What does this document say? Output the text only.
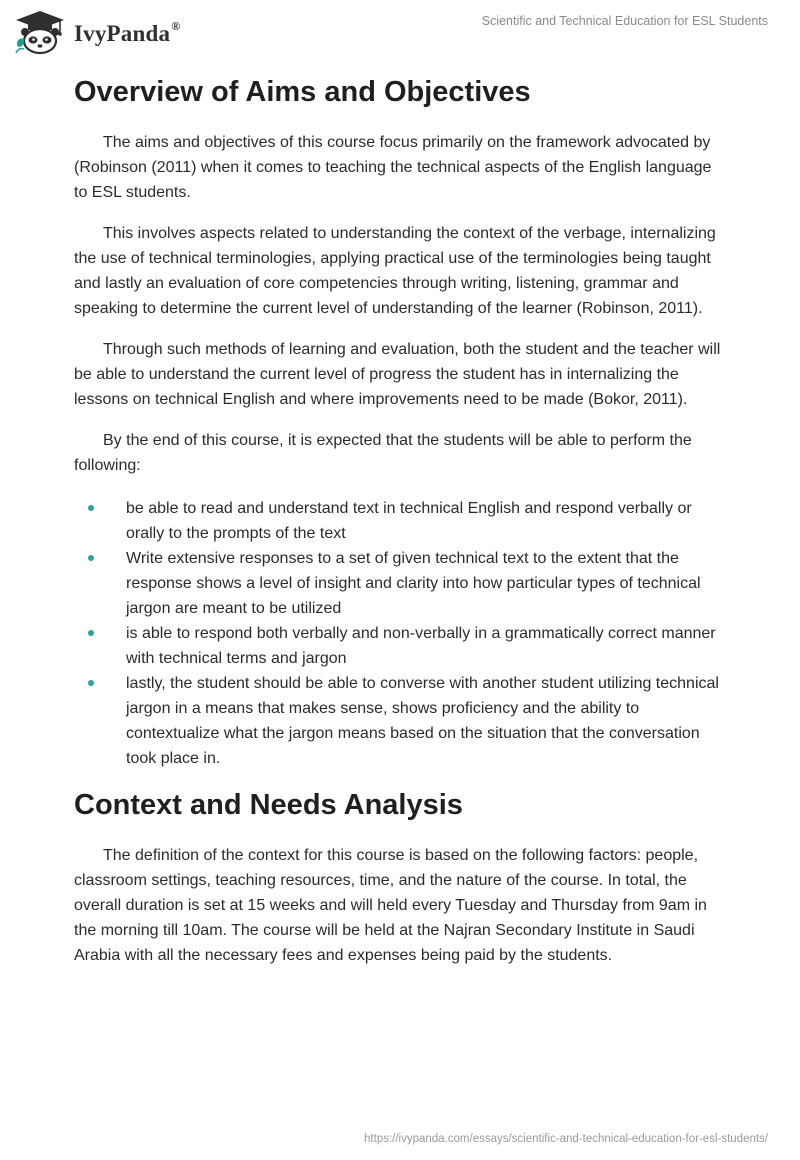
IvyPanda®	Scientific and Technical Education for ESL Students
Overview of Aims and Objectives

The aims and objectives of this course focus primarily on the framework advocated by (Robinson (2011) when it comes to teaching the technical aspects of the English language to ESL students.

This involves aspects related to understanding the context of the verbage, internalizing the use of technical terminologies, applying practical use of the terminologies being taught and lastly an evaluation of core competencies through writing, listening, grammar and speaking to determine the current level of understanding of the learner (Robinson, 2011).

Through such methods of learning and evaluation, both the student and the teacher will be able to understand the current level of progress the student has in internalizing the lessons on technical English and where improvements need to be made (Bokor, 2011).

By the end of this course, it is expected that the students will be able to perform the following:

be able to read and understand text in technical English and respond verbally or orally to the prompts of the text
Write extensive responses to a set of given technical text to the extent that the response shows a level of insight and clarity into how particular types of technical jargon are meant to be utilized
is able to respond both verbally and non-verbally in a grammatically correct manner with technical terms and jargon
lastly, the student should be able to converse with another student utilizing technical jargon in a means that makes sense, shows proficiency and the ability to contextualize what the jargon means based on the situation that the conversation took place in.
Context and Needs Analysis

The definition of the context for this course is based on the following factors: people, classroom settings, teaching resources, time, and the nature of the course. In total, the overall duration is set at 15 weeks and will held every Tuesday and Thursday from 9am in the morning till 10am. The course will be held at the Najran Secondary Institute in Saudi Arabia with all the necessary fees and expenses being paid by the students.

https://ivypanda.com/essays/scientific-and-technical-education-for-esl-students/
